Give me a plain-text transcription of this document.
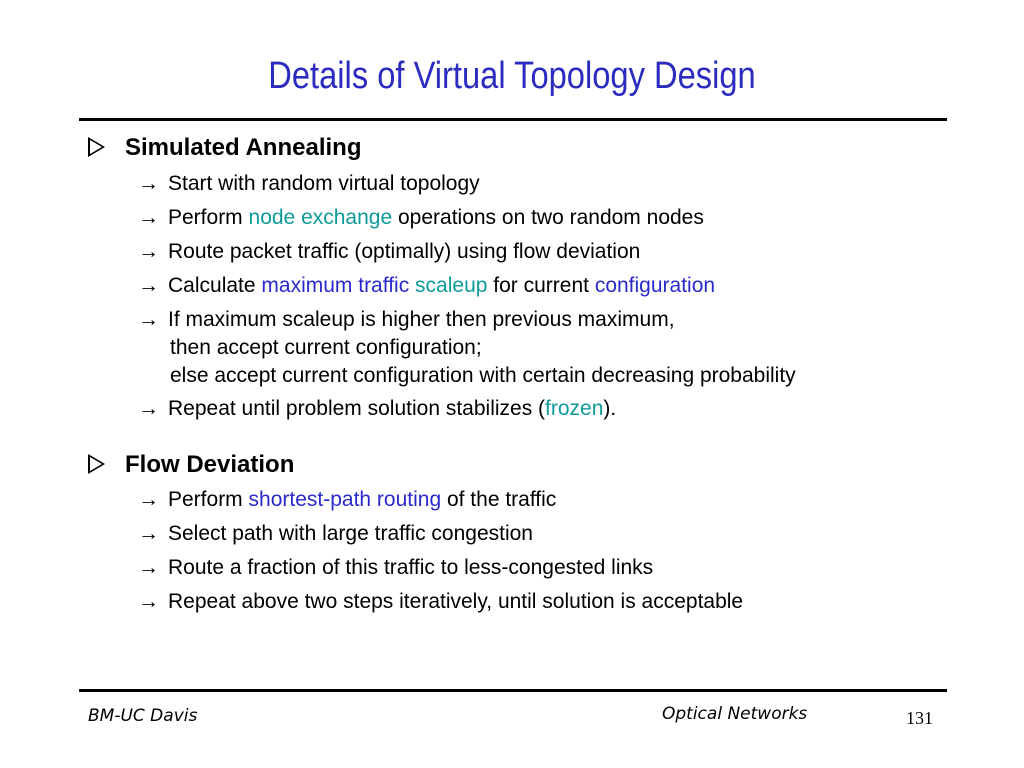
Details of Virtual Topology Design
Simulated Annealing
→ Start with random virtual topology
→ Perform node exchange operations on two random nodes
→ Route packet traffic (optimally) using flow deviation
→ Calculate maximum traffic scaleup for current configuration
→ If maximum scaleup is higher then previous maximum,
then accept current configuration;
else accept current configuration with certain decreasing probability
→ Repeat until problem solution stabilizes (frozen).
Flow Deviation
→ Perform shortest-path routing of the traffic
→ Select path with large traffic congestion
→ Route a fraction of this traffic to less-congested links
→ Repeat above two steps iteratively, until solution is acceptable
BM-UC Davis	Optical Networks	131
